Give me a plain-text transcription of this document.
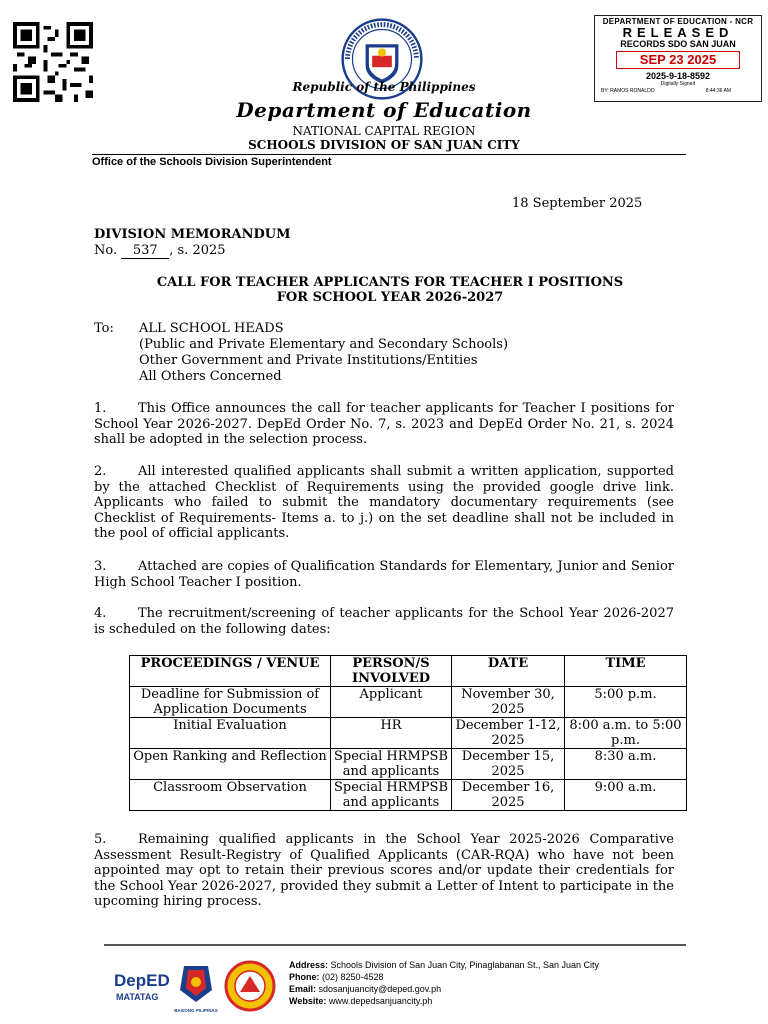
DEPARTMENT OF EDUCATION - NCR
RELEASED
RECORDS SDO SAN JUAN
SEP 23 2025
2025-9-18-8592
Digitally Signed
BY: RAMOS RONALDO	8:44:36 AM
Republic of the Philippines
Department of Education
NATIONAL CAPITAL REGION
SCHOOLS DIVISION OF SAN JUAN CITY
Office of the Schools Division Superintendent
18 September 2025
DIVISION MEMORANDUM
No. 537 , s. 2025
CALL FOR TEACHER APPLICANTS FOR TEACHER I POSITIONS
FOR SCHOOL YEAR 2026-2027
To: ALL SCHOOL HEADS
(Public and Private Elementary and Secondary Schools)
Other Government and Private Institutions/Entities
All Others Concerned
1. This Office announces the call for teacher applicants for Teacher I positions for School Year 2026-2027. DepEd Order No. 7, s. 2023 and DepEd Order No. 21, s. 2024 shall be adopted in the selection process.
2. All interested qualified applicants shall submit a written application, supported by the attached Checklist of Requirements using the provided google drive link. Applicants who failed to submit the mandatory documentary requirements (see Checklist of Requirements- Items a. to j.) on the set deadline shall not be included in the pool of official applicants.
3. Attached are copies of Qualification Standards for Elementary, Junior and Senior High School Teacher I position.
4. The recruitment/screening of teacher applicants for the School Year 2026-2027 is scheduled on the following dates:
PROCEEDINGS / VENUE	PERSON/S INVOLVED	DATE	TIME
Deadline for Submission of Application Documents	Applicant	November 30, 2025	5:00 p.m.
Initial Evaluation	HR	December 1-12, 2025	8:00 a.m. to 5:00 p.m.
Open Ranking and Reflection	Special HRMPSB and applicants	December 15, 2025	8:30 a.m.
Classroom Observation	Special HRMPSB and applicants	December 16, 2025	9:00 a.m.
5. Remaining qualified applicants in the School Year 2025-2026 Comparative Assessment Result-Registry of Qualified Applicants (CAR-RQA) who have not been appointed may opt to retain their previous scores and/or update their credentials for the School Year 2026-2027, provided they submit a Letter of Intent to participate in the upcoming hiring process.
DepED
MATATAG
BAGONG PILIPINAS
Address: Schools Division of San Juan City, Pinaglabanan St., San Juan City
Phone: (02) 8250-4528
Email: sdosanjuancity@deped.gov.ph
Website: www.depedsanjuancity.ph
